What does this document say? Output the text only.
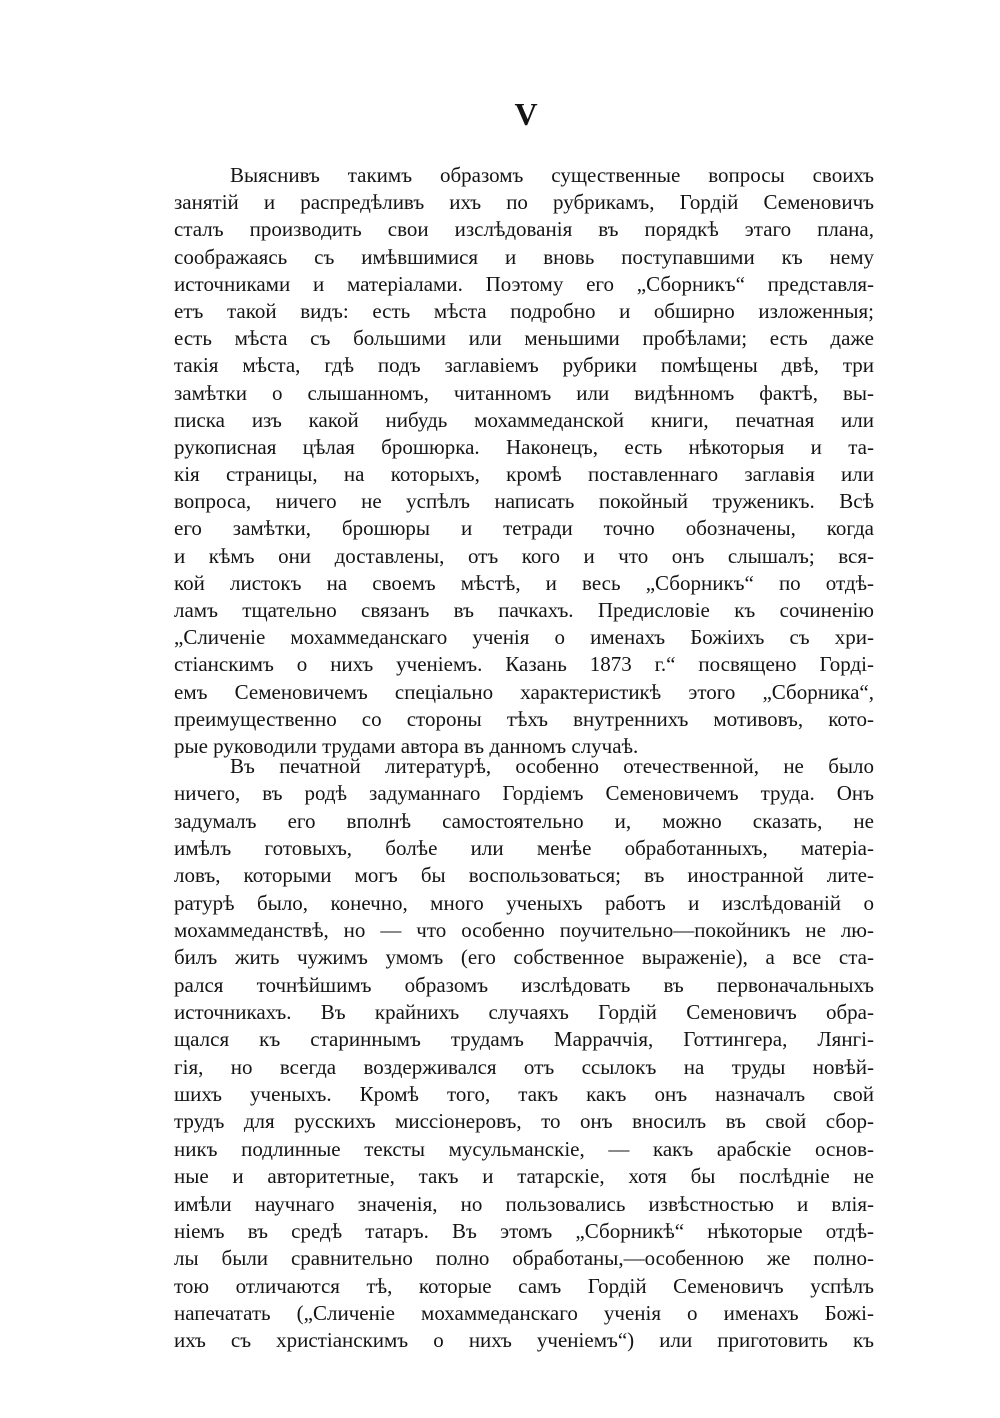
V
Выяснивъ такимъ образомъ существенные вопросы своихъ
занятій и распредѣливъ ихъ по рубрикамъ, Гордій Семеновичъ
сталъ производить свои изслѣдованія въ порядкѣ этаго плана,
соображаясь съ имѣвшимися и вновь поступавшими къ нему
источниками и матеріалами. Поэтому его „Сборникъ“ представля-
етъ такой видъ: есть мѣста подробно и обширно изложенныя;
есть мѣста съ большими или меньшими пробѣлами; есть даже
такія мѣста, гдѣ подъ заглавіемъ рубрики помѣщены двѣ, три
замѣтки о слышанномъ, читанномъ или видѣнномъ фактѣ, вы-
писка изъ какой нибудь мохаммеданской книги, печатная или
рукописная цѣлая брошюрка. Наконецъ, есть нѣкоторыя и та-
кія страницы, на которыхъ, кромѣ поставленнаго заглавія или
вопроса, ничего не успѣлъ написать покойный труженикъ. Всѣ
его замѣтки, брошюры и тетради точно обозначены, когда
и кѣмъ они доставлены, отъ кого и что онъ слышалъ; вся-
кой листокъ на своемъ мѣстѣ, и весь „Сборникъ“ по отдѣ-
ламъ тщательно связанъ въ пачкахъ. Предисловіе къ сочиненію
„Сличеніе мохаммеданскаго ученія о именахъ Божіихъ съ хри-
стіанскимъ о нихъ ученіемъ. Казань 1873 г.“ посвящено Горді-
емъ Семеновичемъ спеціально характеристикѣ этого „Сборника“,
преимущественно со стороны тѣхъ внутреннихъ мотивовъ, кото-
рые руководили трудами автора въ данномъ случаѣ.
Въ печатной литературѣ, особенно отечественной, не было
ничего, въ родѣ задуманнаго Гордіемъ Семеновичемъ труда. Онъ
задумалъ его вполнѣ самостоятельно и, можно сказать, не
имѣлъ готовыхъ, болѣе или менѣе обработанныхъ, матеріа-
ловъ, которыми могъ бы воспользоваться; въ иностранной лите-
ратурѣ было, конечно, много ученыхъ работъ и изслѣдованій о
мохаммеданствѣ, но — что особенно поучительно—покойникъ не лю-
билъ жить чужимъ умомъ (его собственное выраженіе), а все ста-
рался точнѣйшимъ образомъ изслѣдовать въ первоначальныхъ
источникахъ. Въ крайнихъ случаяхъ Гордій Семеновичъ обра-
щался къ стариннымъ трудамъ Марраччія, Готтингера, Лянгі-
гія, но всегда воздерживался отъ ссылокъ на труды новѣй-
шихъ ученыхъ. Кромѣ того, такъ какъ онъ назначалъ свой
трудъ для русскихъ миссіонеровъ, то онъ вносилъ въ свой сбор-
никъ подлинные тексты мусульманскіе, — какъ арабскіе основ-
ные и авторитетные, такъ и татарскіе, хотя бы послѣдніе не
имѣли научнаго значенія, но пользовались извѣстностью и влія-
ніемъ въ средѣ татаръ. Въ этомъ „Сборникѣ“ нѣкоторые отдѣ-
лы были сравнительно полно обработаны,—особенною же полно-
тою отличаются тѣ, которые самъ Гордій Семеновичъ успѣлъ
напечатать („Сличеніе мохаммеданскаго ученія о именахъ Божі-
ихъ съ христіанскимъ о нихъ ученіемъ“) или приготовить къ
